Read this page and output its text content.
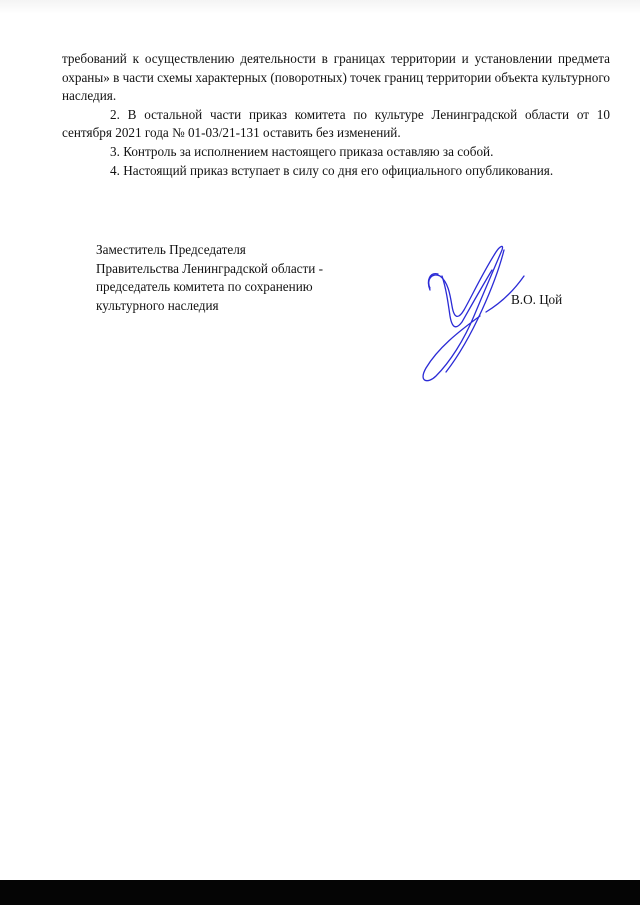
требований к осуществлению деятельности в границах территории и установлении предмета охраны» в части схемы характерных (поворотных) точек границ территории объекта культурного наследия.

2. В остальной части приказ комитета по культуре Ленинградской области от 10 сентября 2021 года № 01-03/21-131 оставить без изменений.

3. Контроль за исполнением настоящего приказа оставляю за собой.

4. Настоящий приказ вступает в силу со дня его официального опубликования.

Заместитель Председателя
Правительства Ленинградской области -
председатель комитета по сохранению
культурного наследия	В.О. Цой
